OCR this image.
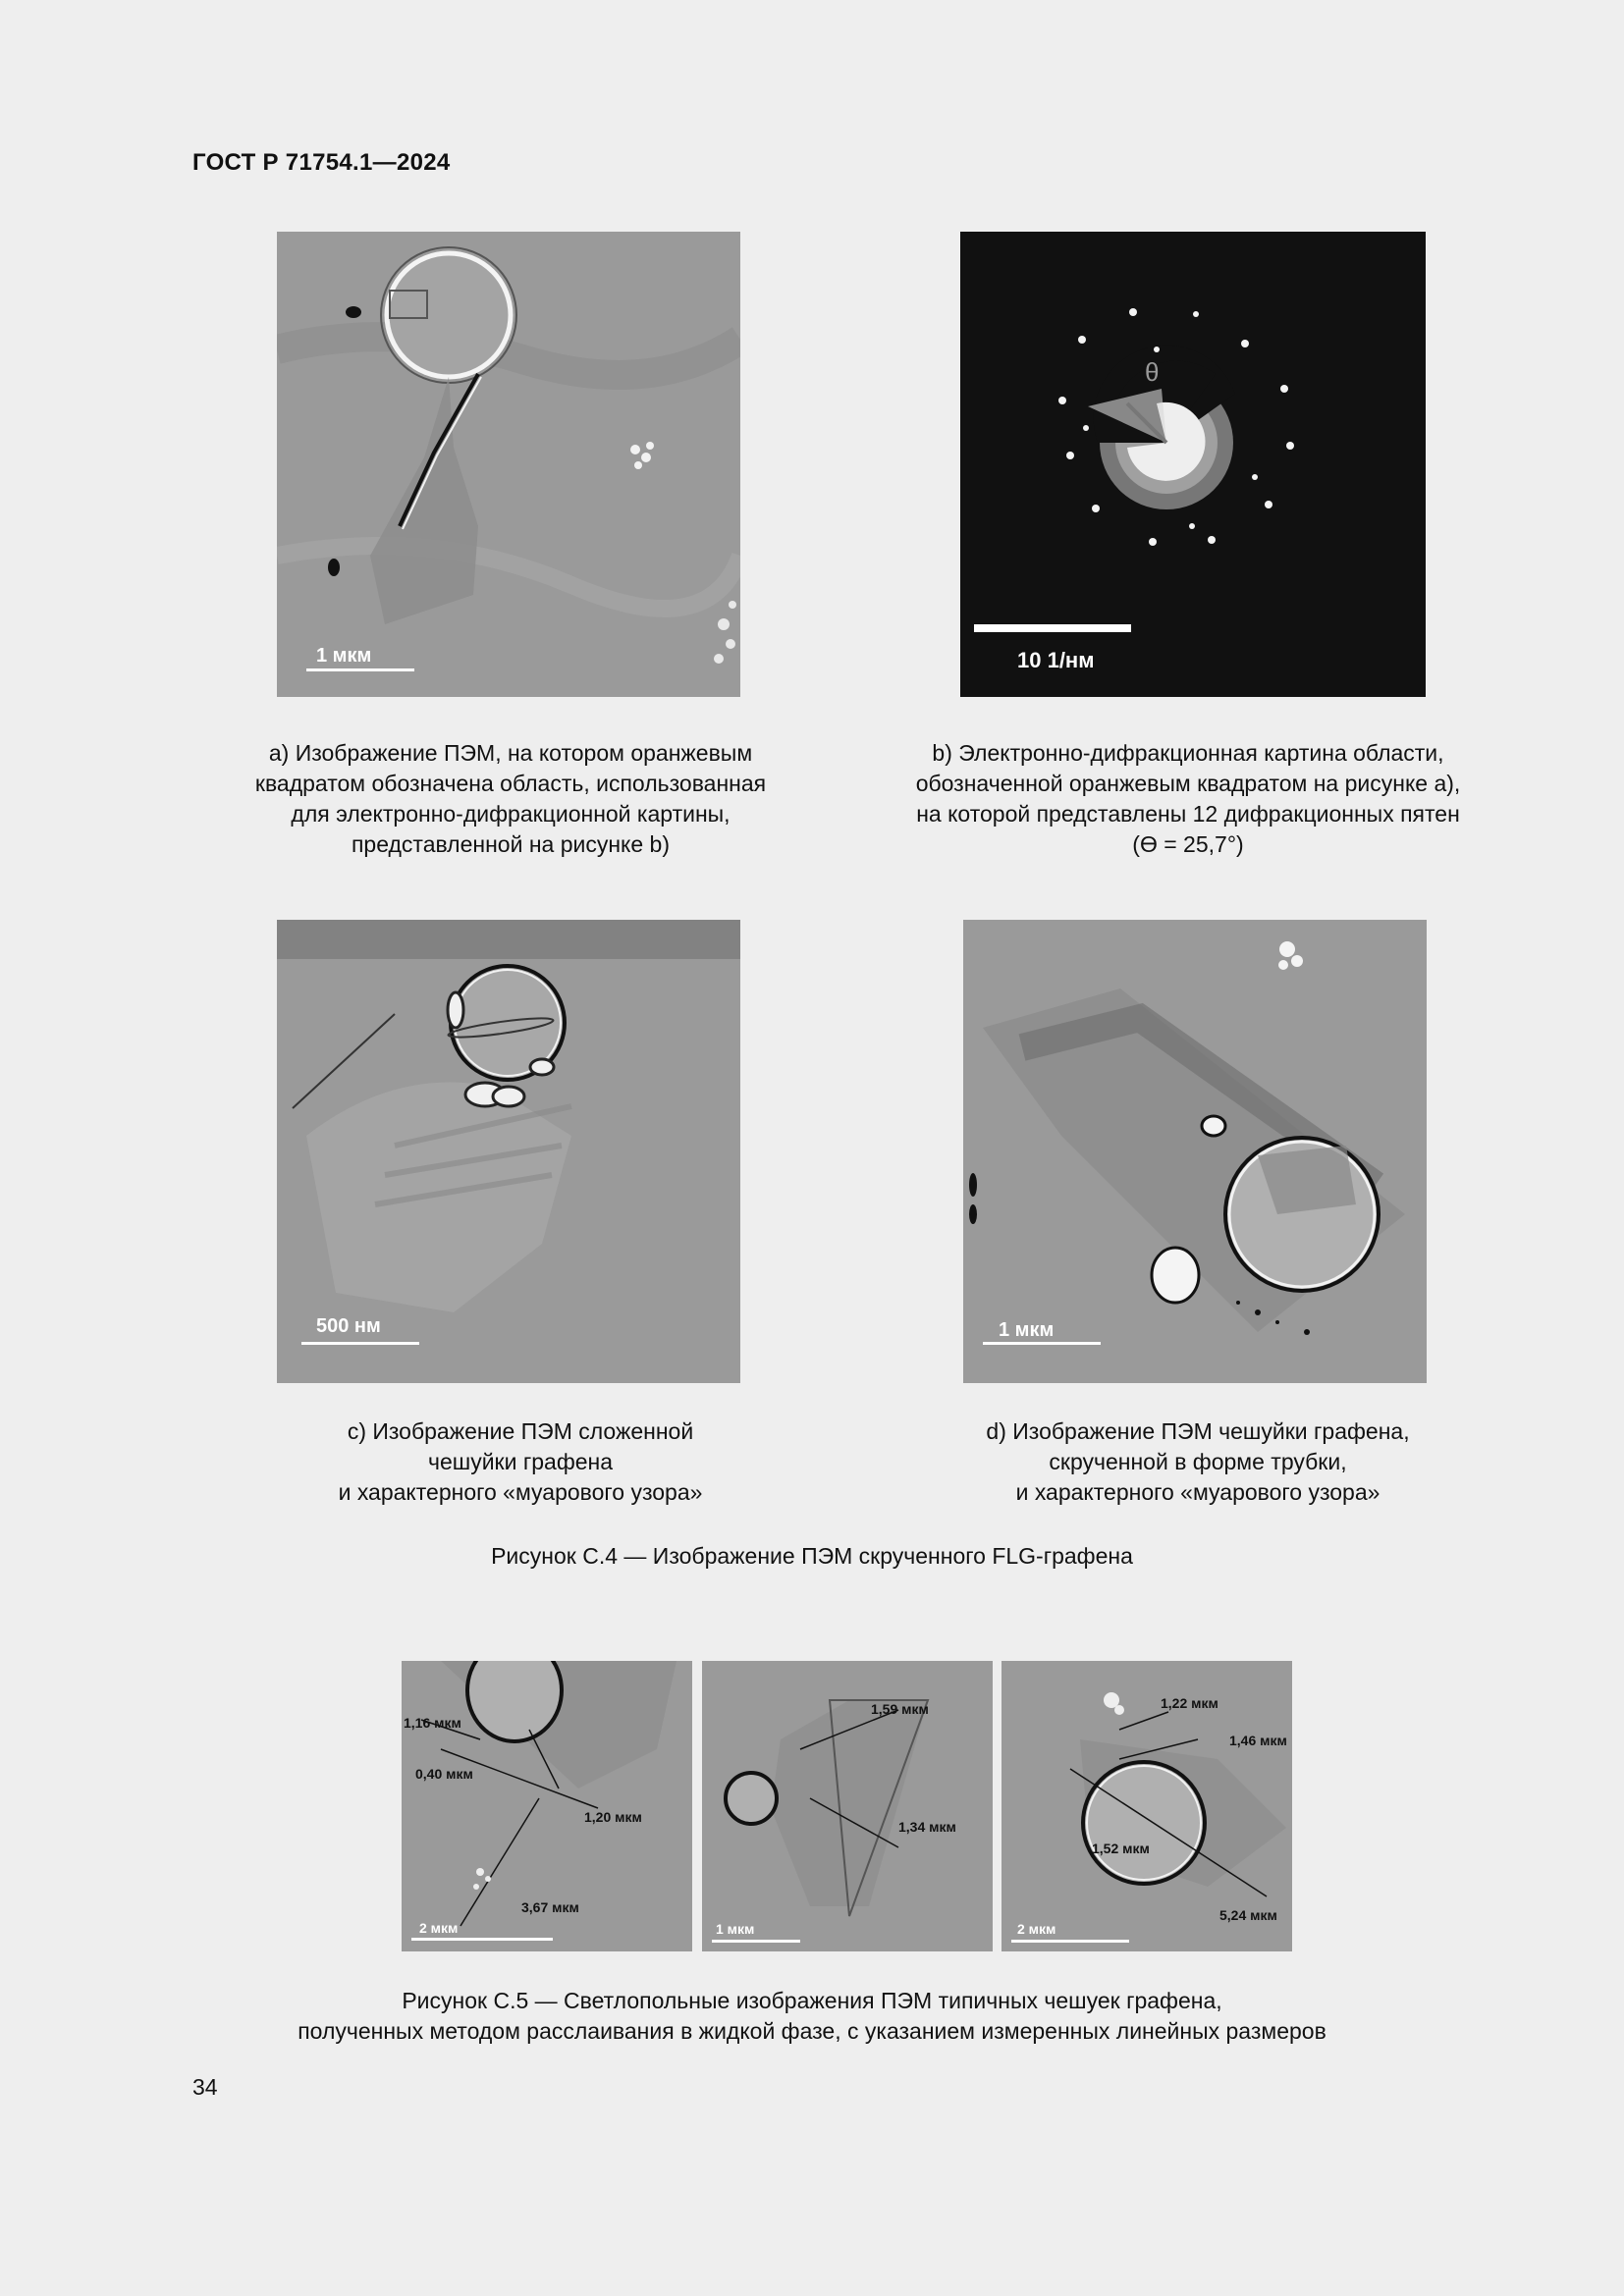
ГОСТ Р 71754.1—2024
1 мкм
a) Изображение ПЭМ, на котором оранжевым
квадратом обозначена область, использованная
для электронно-дифракционной картины,
представленной на рисунке b)
θ
10 1/нм
b) Электронно-дифракционная картина области,
обозначенной оранжевым квадратом на рисунке a),
на которой представлены 12 дифракционных пятен
(Ɵ = 25,7°)
500 нм
c) Изображение ПЭМ сложенной
чешуйки графена
и характерного «муарового узора»
1 мкм
d) Изображение ПЭМ чешуйки графена,
скрученной в форме трубки,
и характерного «муарового узора»
Рисунок С.4 — Изображение ПЭМ скрученного FLG-графена
1,16 мкм
0,40 мкм
1,20 мкм
3,67 мкм
2 мкм
1,59 мкм
1,34 мкм
1 мкм
1,22 мкм
1,46 мкм
1,52 мкм
5,24 мкм
2 мкм
Рисунок С.5 — Светлопольные изображения ПЭМ типичных чешуек графена,
полученных методом расслаивания в жидкой фазе, с указанием измеренных линейных размеров
34
